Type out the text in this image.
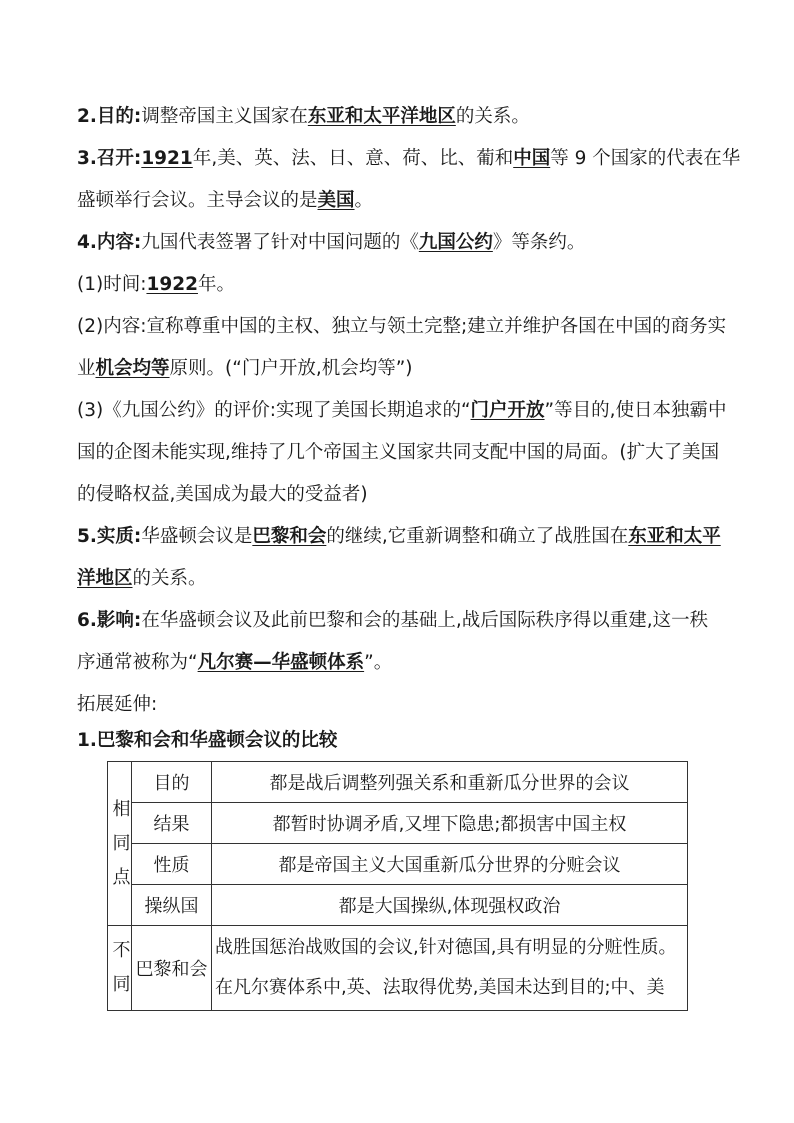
2.目的:调整帝国主义国家在东亚和太平洋地区的关系。
3.召开:1921年,美、英、法、日、意、荷、比、葡和中国等 9 个国家的代表在华
盛顿举行会议。主导会议的是美国。
4.内容:九国代表签署了针对中国问题的《九国公约》等条约。
(1)时间:1922年。
(2)内容:宣称尊重中国的主权、独立与领土完整;建立并维护各国在中国的商务实
业机会均等原则。(“门户开放,机会均等”)
(3)《九国公约》的评价:实现了美国长期追求的“门户开放”等目的,使日本独霸中
国的企图未能实现,维持了几个帝国主义国家共同支配中国的局面。(扩大了美国
的侵略权益,美国成为最大的受益者)
5.实质:华盛顿会议是巴黎和会的继续,它重新调整和确立了战胜国在东亚和太平
洋地区的关系。
6.影响:在华盛顿会议及此前巴黎和会的基础上,战后国际秩序得以重建,这一秩
序通常被称为“凡尔赛—华盛顿体系”。
拓展延伸:
1.巴黎和会和华盛顿会议的比较
相同点	目的	都是战后调整列强关系和重新瓜分世界的会议
	结果	都暂时协调矛盾,又埋下隐患;都损害中国主权
	性质	都是帝国主义大国重新瓜分世界的分赃会议
	操纵国	都是大国操纵,体现强权政治

不同	巴黎和会	战胜国惩治战败国的会议,针对德国,具有明显的分赃性质。
在凡尔赛体系中,英、法取得优势,美国未达到目的;中、美
